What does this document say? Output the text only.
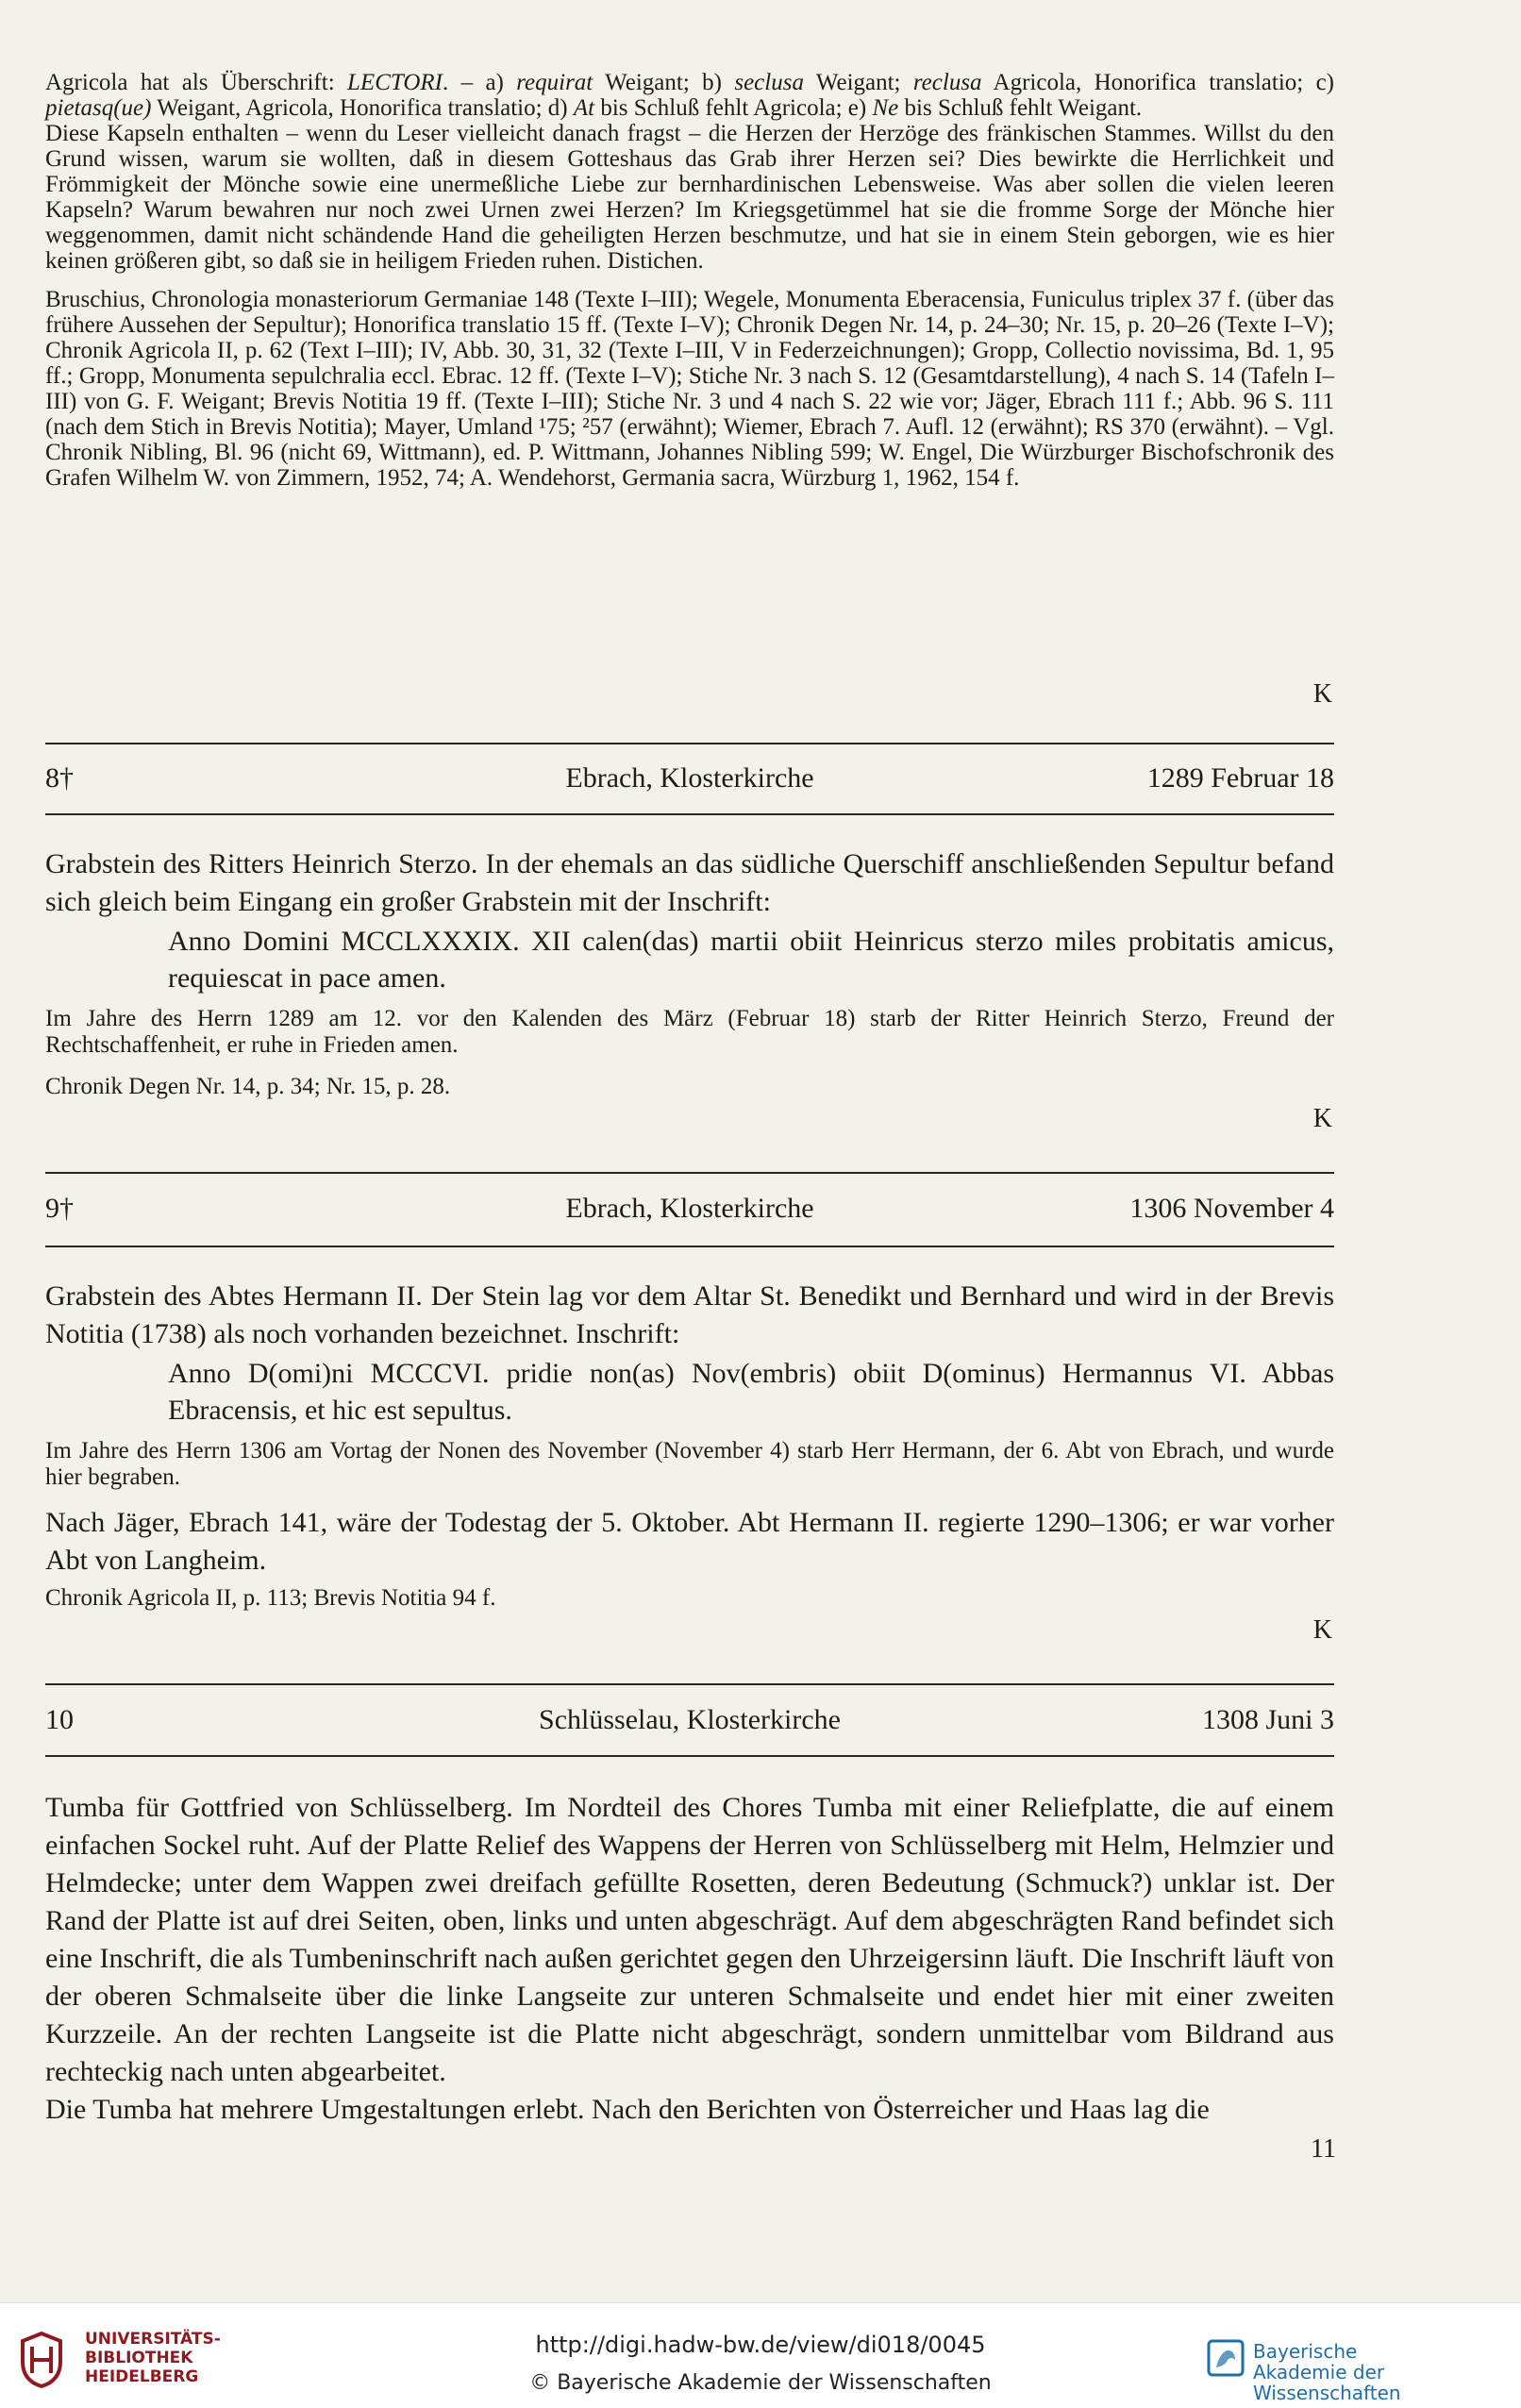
Agricola hat als Überschrift: LECTORI. – a) requirat Weigant; b) seclusa Weigant; reclusa Agricola, Honorifica translatio; c) pietasq(ue) Weigant, Agricola, Honorifica translatio; d) At bis Schluß fehlt Agricola; e) Ne bis Schluß fehlt Weigant.

Diese Kapseln enthalten – wenn du Leser vielleicht danach fragst – die Herzen der Herzöge des fränkischen Stammes. Willst du den Grund wissen, warum sie wollten, daß in diesem Gotteshaus das Grab ihrer Herzen sei? Dies bewirkte die Herrlichkeit und Frömmigkeit der Mönche sowie eine unermeßliche Liebe zur bernhardinischen Lebensweise. Was aber sollen die vielen leeren Kapseln? Warum bewahren nur noch zwei Urnen zwei Herzen? Im Kriegsgetümmel hat sie die fromme Sorge der Mönche hier weggenommen, damit nicht schändende Hand die geheiligten Herzen beschmutze, und hat sie in einem Stein geborgen, wie es hier keinen größeren gibt, so daß sie in heiligem Frieden ruhen. Distichen.

Bruschius, Chronologia monasteriorum Germaniae 148 (Texte I–III); Wegele, Monumenta Eberacensia, Funiculus triplex 37 f. (über das frühere Aussehen der Sepultur); Honorifica translatio 15 ff. (Texte I–V); Chronik Degen Nr. 14, p. 24–30; Nr. 15, p. 20–26 (Texte I–V); Chronik Agricola II, p. 62 (Text I–III); IV, Abb. 30, 31, 32 (Texte I–III, V in Federzeichnungen); Gropp, Collectio novissima, Bd. 1, 95 ff.; Gropp, Monumenta sepulchralia eccl. Ebrac. 12 ff. (Texte I–V); Stiche Nr. 3 nach S. 12 (Gesamtdarstellung), 4 nach S. 14 (Tafeln I–III) von G. F. Weigant; Brevis Notitia 19 ff. (Texte I–III); Stiche Nr. 3 und 4 nach S. 22 wie vor; Jäger, Ebrach 111 f.; Abb. 96 S. 111 (nach dem Stich in Brevis Notitia); Mayer, Umland ¹75; ²57 (erwähnt); Wiemer, Ebrach 7. Aufl. 12 (erwähnt); RS 370 (erwähnt). – Vgl. Chronik Nibling, Bl. 96 (nicht 69, Wittmann), ed. P. Wittmann, Johannes Nibling 599; W. Engel, Die Würzburger Bischofschronik des Grafen Wilhelm W. von Zimmern, 1952, 74; A. Wendehorst, Germania sacra, Würzburg 1, 1962, 154 f.

K
8†	Ebrach, Klosterkirche	1289 Februar 18
Grabstein des Ritters Heinrich Sterzo. In der ehemals an das südliche Querschiff anschließenden Sepultur befand sich gleich beim Eingang ein großer Grabstein mit der Inschrift:
Anno Domini MCCLXXXIX. XII calen(das) martii obiit Heinricus sterzo miles probitatis amicus, requiescat in pace amen.
Im Jahre des Herrn 1289 am 12. vor den Kalenden des März (Februar 18) starb der Ritter Heinrich Sterzo, Freund der Rechtschaffenheit, er ruhe in Frieden amen.
Chronik Degen Nr. 14, p. 34; Nr. 15, p. 28.
K
9†	Ebrach, Klosterkirche	1306 November 4
Grabstein des Abtes Hermann II. Der Stein lag vor dem Altar St. Benedikt und Bernhard und wird in der Brevis Notitia (1738) als noch vorhanden bezeichnet. Inschrift:
Anno D(omi)ni MCCCVI. pridie non(as) Nov(embris) obiit D(ominus) Hermannus VI. Abbas Ebracensis, et hic est sepultus.
Im Jahre des Herrn 1306 am Vortag der Nonen des November (November 4) starb Herr Hermann, der 6. Abt von Ebrach, und wurde hier begraben.
Nach Jäger, Ebrach 141, wäre der Todestag der 5. Oktober. Abt Hermann II. regierte 1290–1306; er war vorher Abt von Langheim.
Chronik Agricola II, p. 113; Brevis Notitia 94 f.
K
10	Schlüsselau, Klosterkirche	1308 Juni 3

Tumba für Gottfried von Schlüsselberg. Im Nordteil des Chores Tumba mit einer Reliefplatte, die auf einem einfachen Sockel ruht. Auf der Platte Relief des Wappens der Herren von Schlüsselberg mit Helm, Helmzier und Helmdecke; unter dem Wappen zwei dreifach gefüllte Rosetten, deren Bedeutung (Schmuck?) unklar ist. Der Rand der Platte ist auf drei Seiten, oben, links und unten abgeschrägt. Auf dem abgeschrägten Rand befindet sich eine Inschrift, die als Tumbeninschrift nach außen gerichtet gegen den Uhrzeigersinn läuft. Die Inschrift läuft von der oberen Schmalseite über die linke Langseite zur unteren Schmalseite und endet hier mit einer zweiten Kurzzeile. An der rechten Langseite ist die Platte nicht abgeschrägt, sondern unmittelbar vom Bildrand aus rechteckig nach unten abgearbeitet.

Die Tumba hat mehrere Umgestaltungen erlebt. Nach den Berichten von Österreicher und Haas lag die

11
UNIVERSITÄTS-
BIBLIOTHEK
HEIDELBERG
http://digi.hadw-bw.de/view/di018/0045
© Bayerische Akademie der Wissenschaften
Bayerische
Akademie der Wissenschaften
